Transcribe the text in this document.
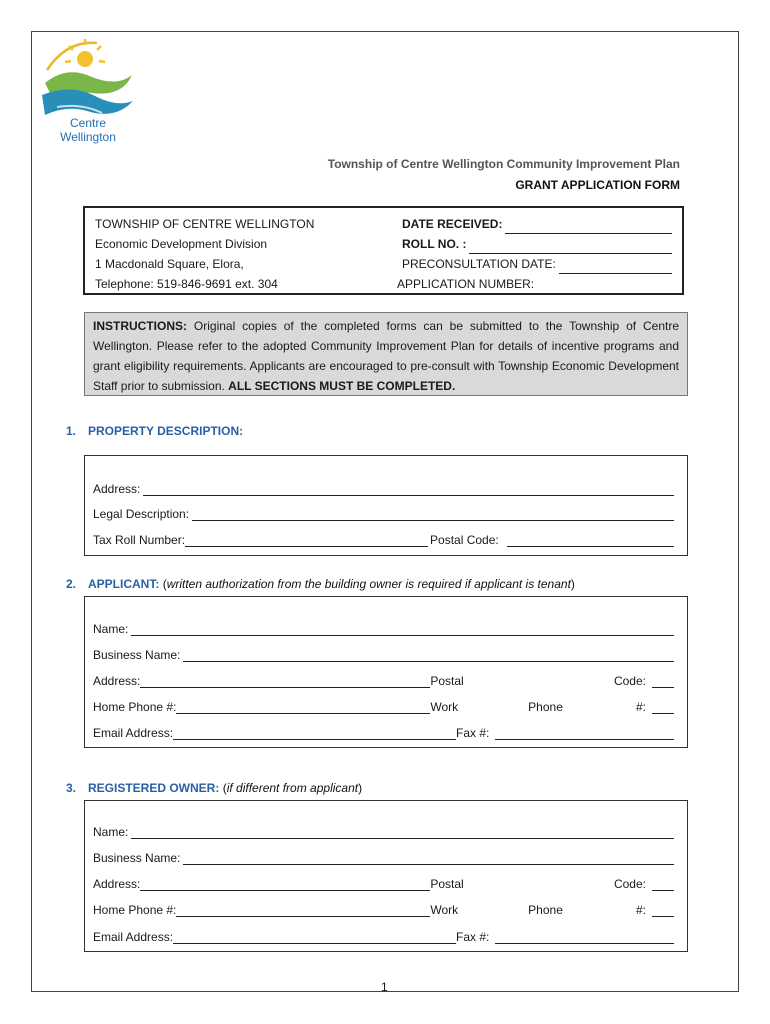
Centre
Wellington
Township of Centre Wellington Community Improvement Plan
GRANT APPLICATION FORM
TOWNSHIP OF CENTRE WELLINGTON
Economic Development Division
1 Macdonald Square, Elora,
Telephone: 519-846-9691 ext. 304
DATE RECEIVED:
ROLL NO. :
PRECONSULTATION DATE:
APPLICATION NUMBER:
INSTRUCTIONS: Original copies of the completed forms can be submitted to the Township of Centre Wellington. Please refer to the adopted Community Improvement Plan for details of incentive programs and grant eligibility requirements. Applicants are encouraged to pre-consult with Township Economic Development Staff prior to submission. ALL SECTIONS MUST BE COMPLETED.
1. PROPERTY DESCRIPTION:
Address:
Legal Description:
Tax Roll Number:	Postal Code:
2. APPLICANT: (written authorization from the building owner is required if applicant is tenant)
Name:
Business Name:
Address:	Postal	Code:
Home Phone #:	Work	Phone	#:
Email Address:	Fax #:
3. REGISTERED OWNER: (if different from applicant)
Name:
Business Name:
Address:	Postal	Code:
Home Phone #:	Work	Phone	#:
Email Address:	Fax #:
1
